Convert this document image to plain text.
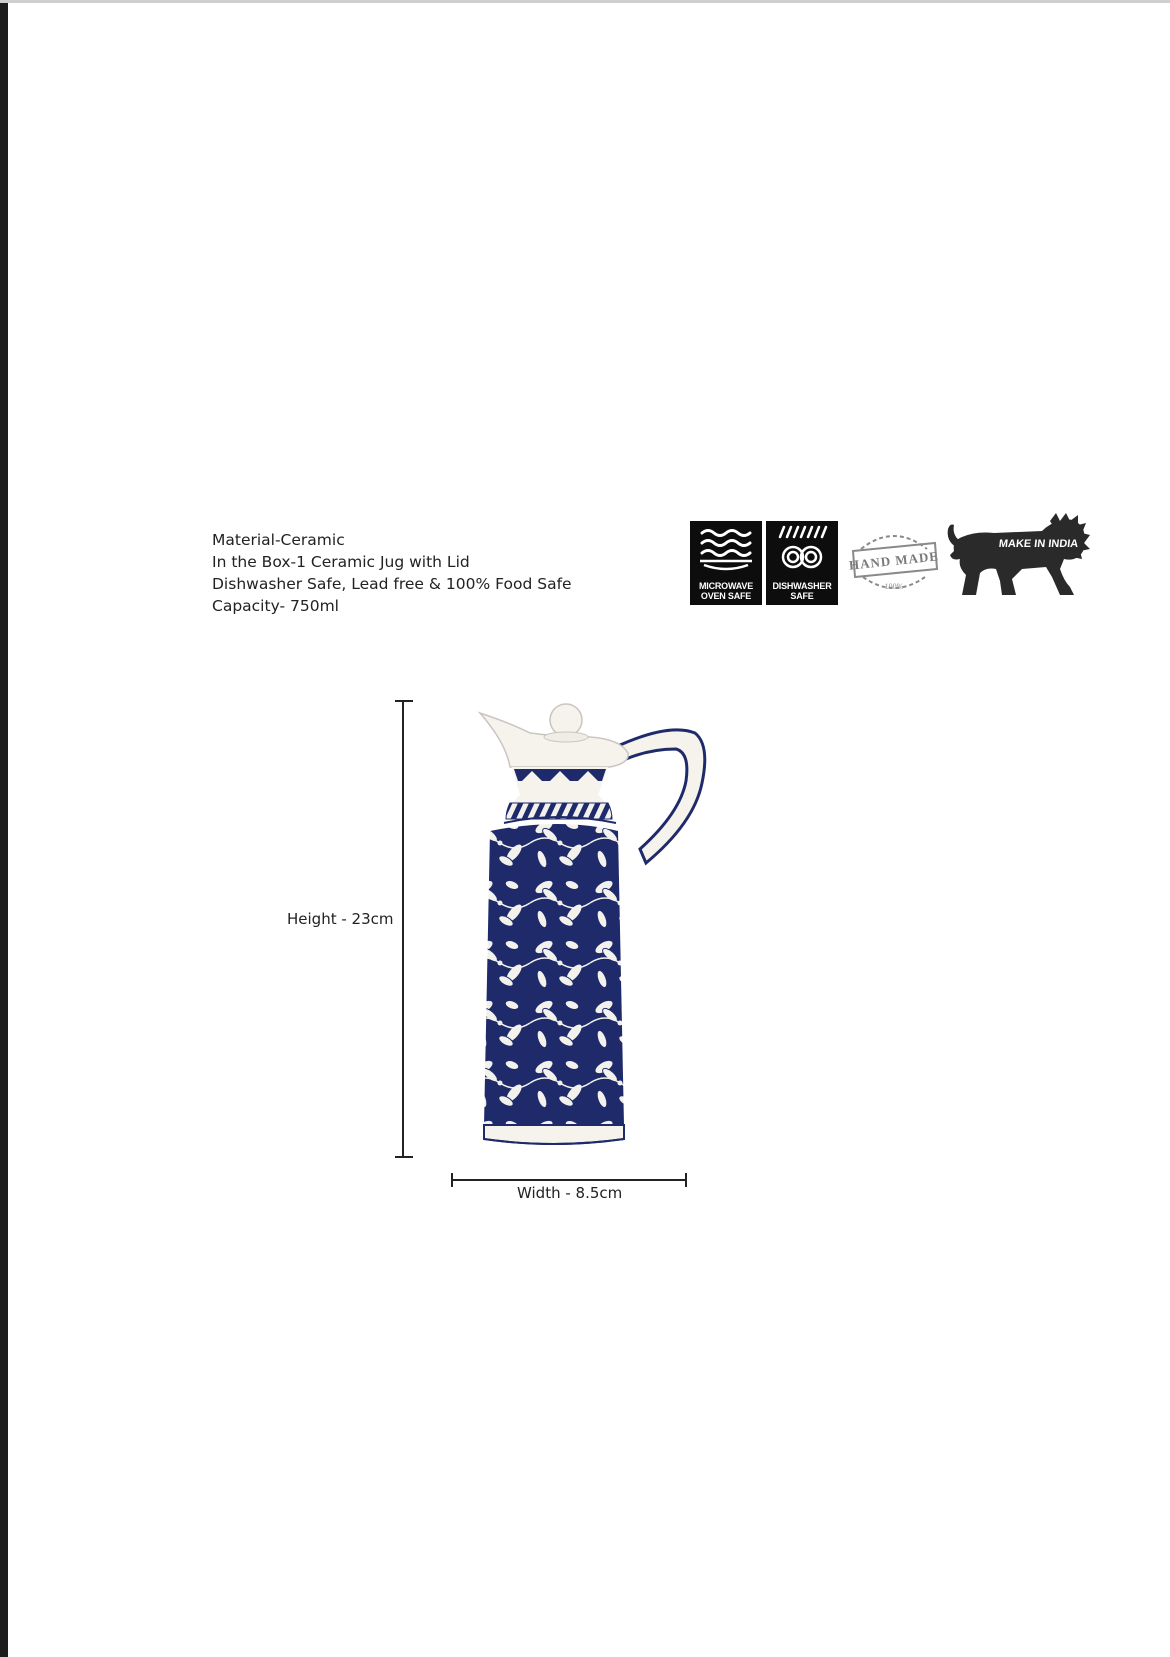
Material-Ceramic
In the Box-1 Ceramic Jug with Lid
Dishwasher Safe, Lead free & 100% Food Safe
Capacity- 750ml
MICROWAVE
OVEN SAFE
DISHWASHER
SAFE
HAND MADE
100%
MAKE IN INDIA
Height - 23cm
Width - 8.5cm
